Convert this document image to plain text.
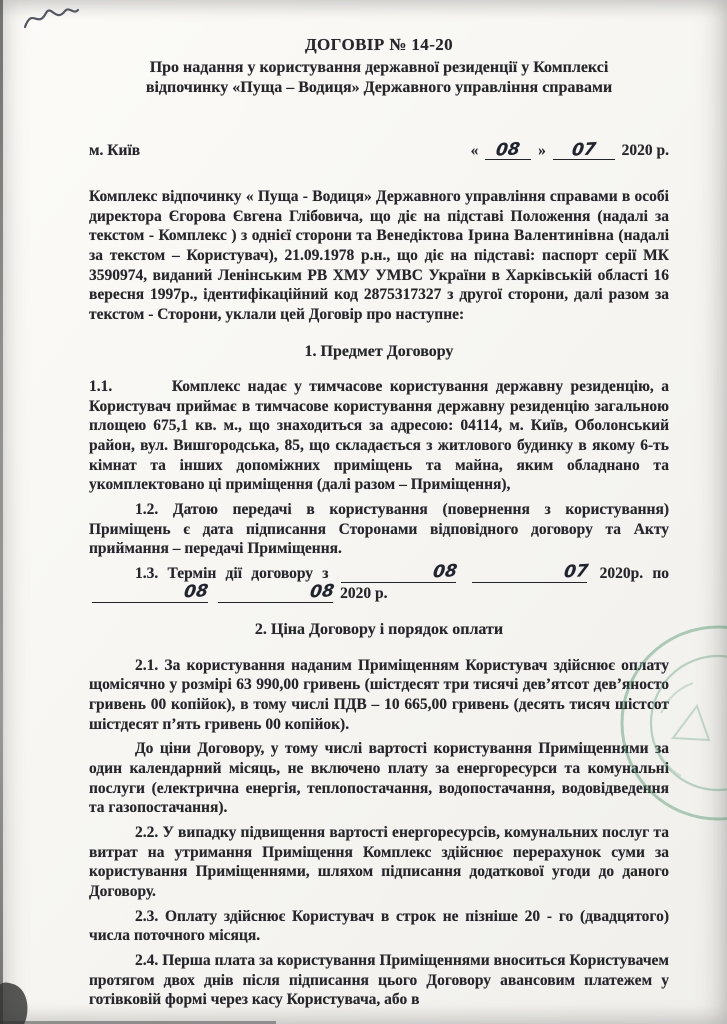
ДОГОВІР № 14-20
Про надання у користування державної резиденції у Комплексі
відпочинку «Пуща – Водиця» Державного управління справами
м. Київ	« 08 » 07 2020 р.

Комплекс відпочинку « Пуща - Водиця» Державного управління справами в особі директора Єгорова Євгена Глібовича, що діє на підставі Положення (надалі за текстом - Комплекс ) з однієї сторони та Венедіктова Ірина Валентинівна (надалі за текстом – Користувач), 21.09.1978 р.н., що діє на підставі: паспорт серії МК 3590974, виданий Ленінським РВ ХМУ УМВС України в Харківській області 16 вересня 1997р., ідентифікаційний код 2875317327 з другої сторони, далі разом за текстом - Сторони, уклали цей Договір про наступне:

1. Предмет Договору

1.1.        Комплекс надає у тимчасове користування державну резиденцію, а Користувач приймає в тимчасове користування державну резиденцію загальною площею 675,1 кв. м., що знаходиться за адресою: 04114, м. Київ, Оболонський район, вул. Вишгородська, 85, що складається з житлового будинку в якому 6-ть кімнат та інших допоміжних приміщень та майна, яким обладнано та укомплектовано ці приміщення (далі разом – Приміщення),

1.2. Датою передачі в користування (повернення з користування) Приміщень є дата підписання Сторонами відповідного договору та Акту приймання – передачі Приміщення.

1.3. Термін дії договору з	08	07 2020р. по 08	08 2020 р.

2. Ціна Договору і порядок оплати

2.1. За користування наданим Приміщенням Користувач здійснює оплату щомісячно у розмірі 63 990,00 гривень (шістдесят три тисячі дев’ятсот дев’яносто гривень 00 копійок), в тому числі ПДВ – 10 665,00 гривень (десять тисяч шістсот шістдесят п’ять гривень 00 копійок).

До ціни Договору, у тому числі вартості користування Приміщеннями за один календарний місяць, не включено плату за енергоресурси та комунальні послуги (електрична енергія, теплопостачання, водопостачання, водовідведення та газопостачання).

2.2. У випадку підвищення вартості енергоресурсів, комунальних послуг та витрат на утримання Приміщення Комплекс здійснює перерахунок суми за користування Приміщеннями, шляхом підписання додаткової угоди до даного Договору.

2.3. Оплату здійснює Користувач в строк не пізніше 20 - го (двадцятого) числа поточного місяця.

2.4. Перша плата за користування Приміщеннями вноситься Користувачем протягом двох днів після підписання цього Договору авансовим платежем у готівковій формі через касу Користувача, або в
